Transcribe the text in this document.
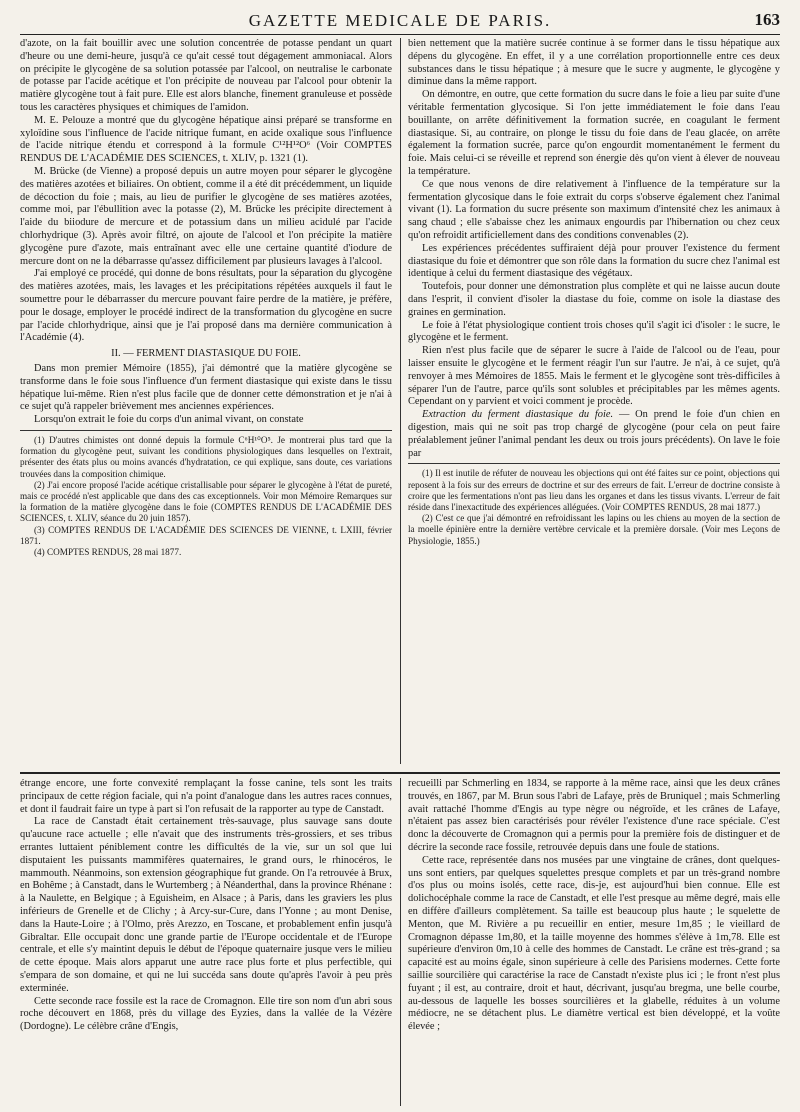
GAZETTE MEDICALE DE PARIS.	163

d'azote, on la fait bouillir avec une solution concentrée de potasse pendant un quart d'heure ou une demi-heure, jusqu'à ce qu'ait cessé tout dégagement ammoniacal. Alors on précipite le glycogène de sa solution potassée par l'alcool, on neutralise le carbonate de potasse par l'acide acétique et l'on précipite de nouveau par l'alcool pour obtenir la matière glycogène tout à fait pure. Elle est alors blanche, finement granuleuse et possède tous les caractères physiques et chimiques de l'amidon.

M. E. Pelouze a montré que du glycogène hépatique ainsi préparé se transforme en xyloïdine sous l'influence de l'acide nitrique fumant, en acide oxalique sous l'influence de l'acide nitrique étendu et correspond à la formule C¹²H¹²O⁶ (Voir COMPTES RENDUS DE L'ACADÉMIE DES SCIENCES, t. XLIV, p. 1321 (1).

M. Brücke (de Vienne) a proposé depuis un autre moyen pour séparer le glycogène des matières azotées et biliaires. On obtient, comme il a été dit précédemment, un liquide de décoction du foie ; mais, au lieu de purifier le glycogène de ses matières azotées, comme moi, par l'ébullition avec la potasse (2), M. Brücke les précipite directement à l'aide du biiodure de mercure et de potassium dans un milieu acidulé par l'acide chlorhydrique (3). Après avoir filtré, on ajoute de l'alcool et l'on précipite la matière glycogène pure d'azote, mais entraînant avec elle une certaine quantité d'iodure de mercure dont on ne la débarrasse qu'assez difficilement par plusieurs lavages à l'alcool.

J'ai employé ce procédé, qui donne de bons résultats, pour la séparation du glycogène des matières azotées, mais, les lavages et les précipitations répétées auxquels il faut le soumettre pour le débarrasser du mercure pouvant faire perdre de la matière, je préfère, pour le dosage, employer le procédé indirect de la transformation du glycogène en sucre par l'acide chlorhydrique, ainsi que je l'ai proposé dans ma dernière communication à l'Académie (4).

II. — FERMENT DIASTASIQUE DU FOIE.

Dans mon premier Mémoire (1855), j'ai démontré que la matière glycogène se transforme dans le foie sous l'influence d'un ferment diastasique qui existe dans le tissu hépatique lui-même. Rien n'est plus facile que de donner cette démonstration et je n'ai à ce sujet qu'à rappeler brièvement mes anciennes expériences.

Lorsqu'on extrait le foie du corps d'un animal vivant, on constate

(1) D'autres chimistes ont donné depuis la formule C⁶H¹⁰O⁵. Je montrerai plus tard que la formation du glycogène peut, suivant les conditions physiologiques dans lesquelles on l'extrait, présenter des états plus ou moins avancés d'hydratation, ce qui explique, sans doute, ces variations trouvées dans la composition chimique.

(2) J'ai encore proposé l'acide acétique cristallisable pour séparer le glycogène à l'état de pureté, mais ce procédé n'est applicable que dans des cas exceptionnels. Voir mon Mémoire Remarques sur la formation de la matière glycogène dans le foie (COMPTES RENDUS DE L'ACADÉMIE DES SCIENCES, t. XLIV, séance du 20 juin 1857).

(3) COMPTES RENDUS DE L'ACADÉMIE DES SCIENCES DE VIENNE, t. LXIII, février 1871.

(4) COMPTES RENDUS, 28 mai 1877.

bien nettement que la matière sucrée continue à se former dans le tissu hépatique aux dépens du glycogène. En effet, il y a une corrélation proportionnelle entre ces deux substances dans le tissu hépatique ; à mesure que le sucre y augmente, le glycogène y diminue dans la même rapport.

On démontre, en outre, que cette formation du sucre dans le foie a lieu par suite d'une véritable fermentation glycosique. Si l'on jette immédiatement le foie dans l'eau bouillante, on arrête définitivement la formation sucrée, en coagulant le ferment diastasique. Si, au contraire, on plonge le tissu du foie dans de l'eau glacée, on arrête également la formation sucrée, parce qu'on engourdit momentanément le ferment du foie. Mais celui-ci se réveille et reprend son énergie dès qu'on vient à élever de nouveau la température.

Ce que nous venons de dire relativement à l'influence de la température sur la fermentation glycosique dans le foie extrait du corps s'observe également chez l'animal vivant (1). La formation du sucre présente son maximum d'intensité chez les animaux à sang chaud ; elle s'abaisse chez les animaux engourdis par l'hibernation ou chez ceux qu'on refroidit artificiellement dans des conditions convenables (2).

Les expériences précédentes suffiraient déjà pour prouver l'existence du ferment diastasique du foie et démontrer que son rôle dans la formation du sucre chez l'animal est identique à celui du ferment diastasique des végétaux.

Toutefois, pour donner une démonstration plus complète et qui ne laisse aucun doute dans l'esprit, il convient d'isoler la diastase du foie, comme on isole la diastase des graines en germination.

Le foie à l'état physiologique contient trois choses qu'il s'agit ici d'isoler : le sucre, le glycogène et le ferment.

Rien n'est plus facile que de séparer le sucre à l'aide de l'alcool ou de l'eau, pour laisser ensuite le glycogène et le ferment réagir l'un sur l'autre. Je n'ai, à ce sujet, qu'à renvoyer à mes Mémoires de 1855. Mais le ferment et le glycogène sont très-difficiles à séparer l'un de l'autre, parce qu'ils sont solubles et précipitables par les mêmes agents. Cependant on y parvient et voici comment je procède.

Extraction du ferment diastasique du foie. — On prend le foie d'un chien en digestion, mais qui ne soit pas trop chargé de glycogène (pour cela on peut faire préalablement jeûner l'animal pendant les deux ou trois jours précédents). On lave le foie par

(1) Il est inutile de réfuter de nouveau les objections qui ont été faites sur ce point, objections qui reposent à la fois sur des erreurs de doctrine et sur des erreurs de fait. L'erreur de doctrine consiste à croire que les fermentations n'ont pas lieu dans les organes et dans les tissus vivants. L'erreur de fait réside dans l'inexactitude des expériences alléguées. (Voir COMPTES RENDUS, 28 mai 1877.)

(2) C'est ce que j'ai démontré en refroidissant les lapins ou les chiens au moyen de la section de la moelle épinière entre la dernière vertèbre cervicale et la première dorsale. (Voir mes Leçons de Physiologie, 1855.)

étrange encore, une forte convexité remplaçant la fosse canine, tels sont les traits principaux de cette région faciale, qui n'a point d'analogue dans les autres races connues, et dont il faudrait faire un type à part si l'on refusait de la rapporter au type de Canstadt.

La race de Canstadt était certainement très-sauvage, plus sauvage sans doute qu'aucune race actuelle ; elle n'avait que des instruments très-grossiers, et ses tribus errantes luttaient péniblement contre les difficultés de la vie, sur un sol que lui disputaient les puissants mammifères quaternaires, le grand ours, le rhinocéros, le mammouth. Néanmoins, son extension géographique fut grande. On l'a retrouvée à Brux, en Bohême ; à Canstadt, dans le Wurtemberg ; à Néanderthal, dans la province Rhénane : à la Naulette, en Belgique ; à Eguisheim, en Alsace ; à Paris, dans les graviers les plus inférieurs de Grenelle et de Clichy ; à Arcy-sur-Cure, dans l'Yonne ; au mont Denise, dans la Haute-Loire ; à l'Olmo, près Arezzo, en Toscane, et probablement enfin jusqu'à Gibraltar. Elle occupait donc une grande partie de l'Europe occidentale et de l'Europe centrale, et elle s'y maintint depuis le début de l'époque quaternaire jusque vers le milieu de cette époque. Mais alors apparut une autre race plus forte et plus perfectible, qui s'empara de son domaine, et qui ne lui succéda sans doute qu'après l'avoir à peu près exterminée.

Cette seconde race fossile est la race de Cromagnon. Elle tire son nom d'un abri sous roche découvert en 1868, près du village des Eyzies, dans la vallée de la Vézère (Dordogne). Le célèbre crâne d'Engis,

recueilli par Schmerling en 1834, se rapporte à la même race, ainsi que les deux crânes trouvés, en 1867, par M. Brun sous l'abri de Lafaye, près de Bruniquel ; mais Schmerling avait rattaché l'homme d'Engis au type nègre ou négroïde, et les crânes de Lafaye, n'étaient pas assez bien caractérisés pour révéler l'existence d'une race spéciale. C'est donc la découverte de Cromagnon qui a permis pour la première fois de distinguer et de décrire la seconde race fossile, retrouvée depuis dans une foule de stations.

Cette race, représentée dans nos musées par une vingtaine de crânes, dont quelques-uns sont entiers, par quelques squelettes presque complets et par un très-grand nombre d'os plus ou moins isolés, cette race, dis-je, est aujourd'hui bien connue. Elle est dolichocéphale comme la race de Canstadt, et elle l'est presque au même degré, mais elle en diffère d'ailleurs complètement. Sa taille est beaucoup plus haute ; le squelette de Menton, que M. Rivière a pu recueillir en entier, mesure 1m,85 ; le vieillard de Cromagnon dépasse 1m,80, et la taille moyenne des hommes s'élève à 1m,78. Elle est supérieure d'environ 0m,10 à celle des hommes de Canstadt. Le crâne est très-grand ; sa capacité est au moins égale, sinon supérieure à celle des Parisiens modernes. Cette forte saillie sourcilière qui caractérise la race de Canstadt n'existe plus ici ; le front n'est plus fuyant ; il est, au contraire, droit et haut, décrivant, jusqu'au bregma, une belle courbe, au-dessous de laquelle les bosses sourcilières et la glabelle, réduites à un volume médiocre, ne se détachent plus. Le diamètre vertical est bien développé, et la voûte élevée ;
